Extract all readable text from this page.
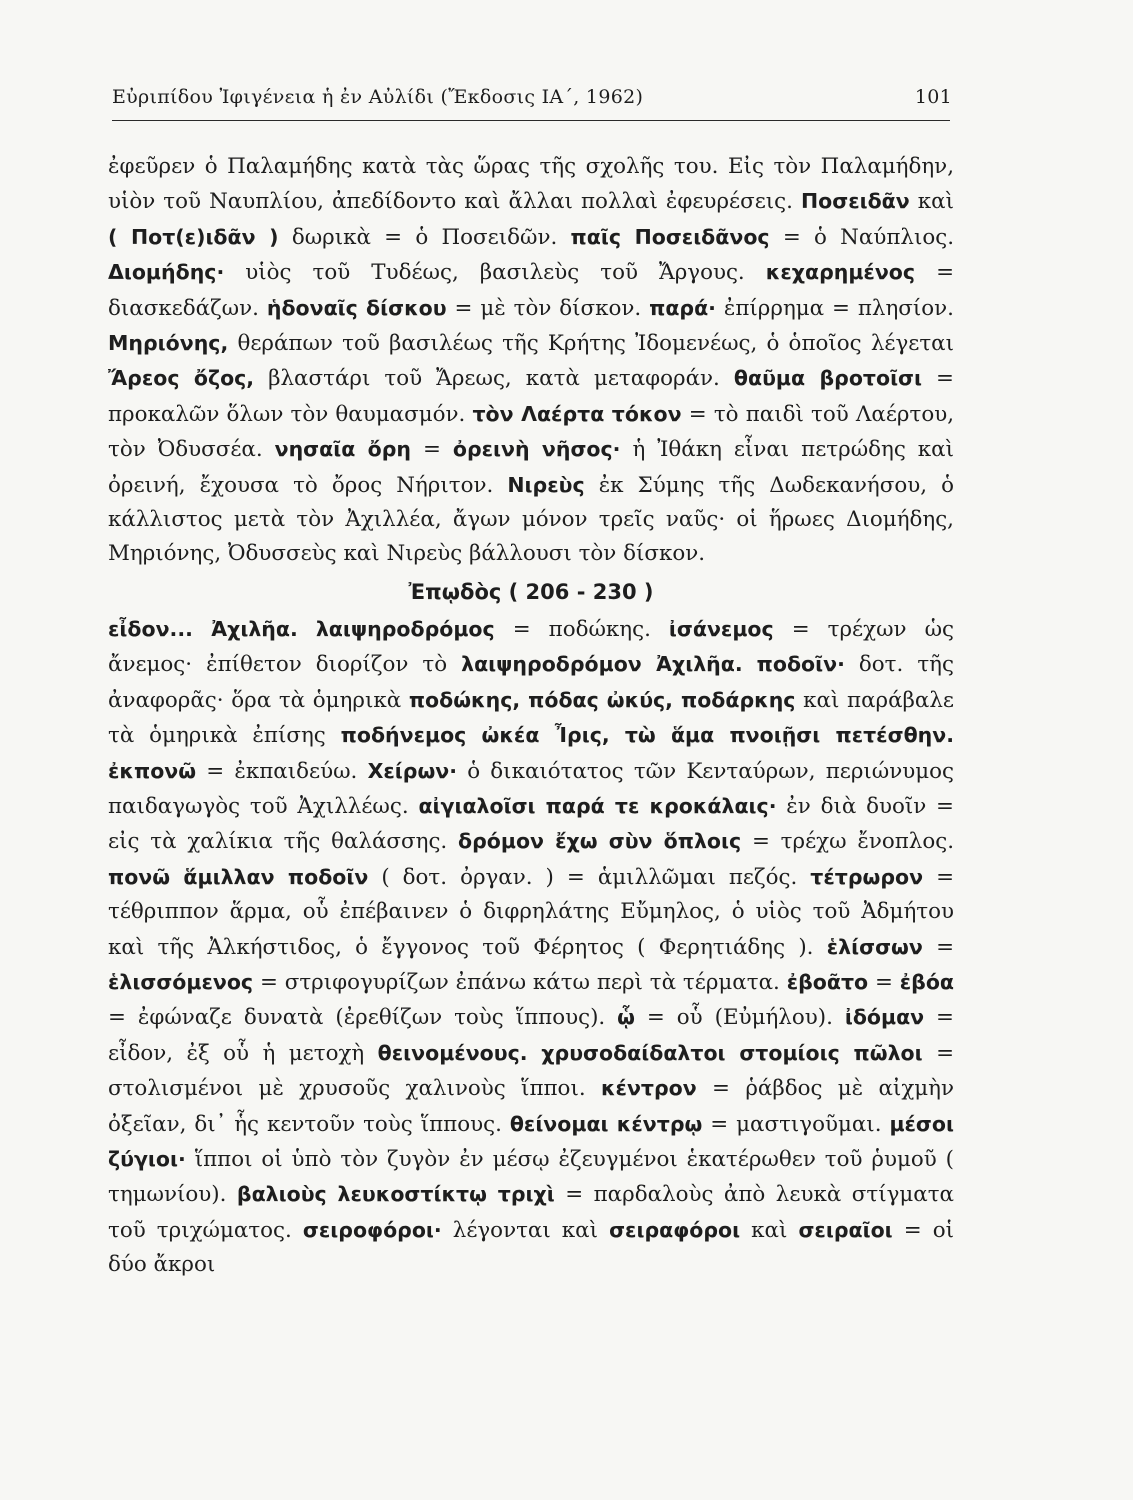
Εὐριπίδου Ἰφιγένεια ἡ ἐν Αὐλίδι (Ἔκδοσις ΙΑ΄, 1962)	101

ἐφεῦρεν ὁ Παλαμήδης κατὰ τὰς ὥρας τῆς σχολῆς του. Εἰς τὸν Παλαμήδην, υἱὸν τοῦ Ναυπλίου, ἀπεδίδοντο καὶ ἄλλαι πολλαὶ ἐφευρέσεις. Ποσειδᾶν καὶ ( Ποτ(ε)ιδᾶν ) δωρικὰ = ὁ Ποσειδῶν. παῖς Ποσειδᾶνος = ὁ Ναύπλιος. Διομήδης· υἱὸς τοῦ Τυδέως, βασιλεὺς τοῦ Ἄργους. κεχαρημένος = διασκεδάζων. ἡδοναῖς δίσκου = μὲ τὸν δίσκον. παρά· ἐπίρρημα = πλησίον. Μηριόνης, θεράπων τοῦ βασιλέως τῆς Κρήτης Ἰδομενέως, ὁ ὁποῖος λέγεται Ἄρεος ὄζος, βλαστάρι τοῦ Ἄρεως, κατὰ μεταφοράν. θαῦμα βροτοῖσι = προκαλῶν ὅλων τὸν θαυμασμόν. τὸν Λαέρτα τόκον = τὸ παιδὶ τοῦ Λαέρτου, τὸν Ὀδυσσέα. νησαῖα ὄρη = ὀρεινὴ νῆσος· ἡ Ἰθάκη εἶναι πετρώδης καὶ ὀρεινή, ἔχουσα τὸ ὄρος Νήριτον. Νιρεὺς ἐκ Σύμης τῆς Δωδεκανήσου, ὁ κάλλιστος μετὰ τὸν Ἀχιλλέα, ἄγων μόνον τρεῖς ναῦς· οἱ ἥρωες Διομήδης, Μηριόνης, Ὀδυσσεὺς καὶ Νιρεὺς βάλλουσι τὸν δίσκον.

Ἐπῳδὸς ( 206 - 230 )

εἶδον... Ἀχιλῆα. λαιψηροδρόμος = ποδώκης. ἰσάνεμος = τρέχων ὡς ἄνεμος· ἐπίθετον διορίζον τὸ λαιψηροδρόμον Ἀχιλῆα. ποδοῖν· δοτ. τῆς ἀναφορᾶς· ὅρα τὰ ὁμηρικὰ ποδώκης, πόδας ὠκύς, ποδάρκης καὶ παράβαλε τὰ ὁμηρικὰ ἐπίσης ποδήνεμος ὠκέα Ἶρις, τὼ ἅμα πνοιῇσι πετέσθην. ἐκπονῶ = ἐκπαιδεύω. Χείρων· ὁ δικαιότατος τῶν Κενταύρων, περιώνυμος παιδαγωγὸς τοῦ Ἀχιλλέως. αἰγιαλοῖσι παρά τε κροκάλαις· ἐν διὰ δυοῖν = εἰς τὰ χαλίκια τῆς θαλάσσης. δρόμον ἔχω σὺν ὅπλοις = τρέχω ἔνοπλος. πονῶ ἅμιλλαν ποδοῖν ( δοτ. ὀργαν. ) = ἁμιλλῶμαι πεζός. τέτρωρον = τέθριππον ἅρμα, οὗ ἐπέβαινεν ὁ διφρηλάτης Εὔμηλος, ὁ υἱὸς τοῦ Ἀδμήτου καὶ τῆς Ἀλκήστιδος, ὁ ἔγγονος τοῦ Φέρητος ( Φερητιάδης ). ἑλίσσων = ἑλισσόμενος = στριφογυρίζων ἐπάνω κάτω περὶ τὰ τέρματα. ἐβοᾶτο = ἐβόα = ἐφώναζε δυνατὰ (ἐρεθίζων τοὺς ἵππους). ᾧ = οὗ (Εὐμήλου). ἰδόμαν = εἶδον, ἐξ οὗ ἡ μετοχὴ θεινομένους. χρυσοδαίδαλτοι στομίοις πῶλοι = στολισμένοι μὲ χρυσοῦς χαλινοὺς ἵπποι. κέντρον = ῥάβδος μὲ αἰχμὴν ὀξεῖαν, δι᾽ ἧς κεντοῦν τοὺς ἵππους. θείνομαι κέντρῳ = μαστιγοῦμαι. μέσοι ζύγιοι· ἵπποι οἱ ὑπὸ τὸν ζυγὸν ἐν μέσῳ ἐζευγμένοι ἑκατέρωθεν τοῦ ῥυμοῦ ( τημωνίου). βαλιοὺς λευκοστίκτῳ τριχὶ = παρδαλοὺς ἀπὸ λευκὰ στίγματα τοῦ τριχώματος. σειροφόροι· λέγονται καὶ σειραφόροι καὶ σειραῖοι = οἱ δύο ἄκροι
